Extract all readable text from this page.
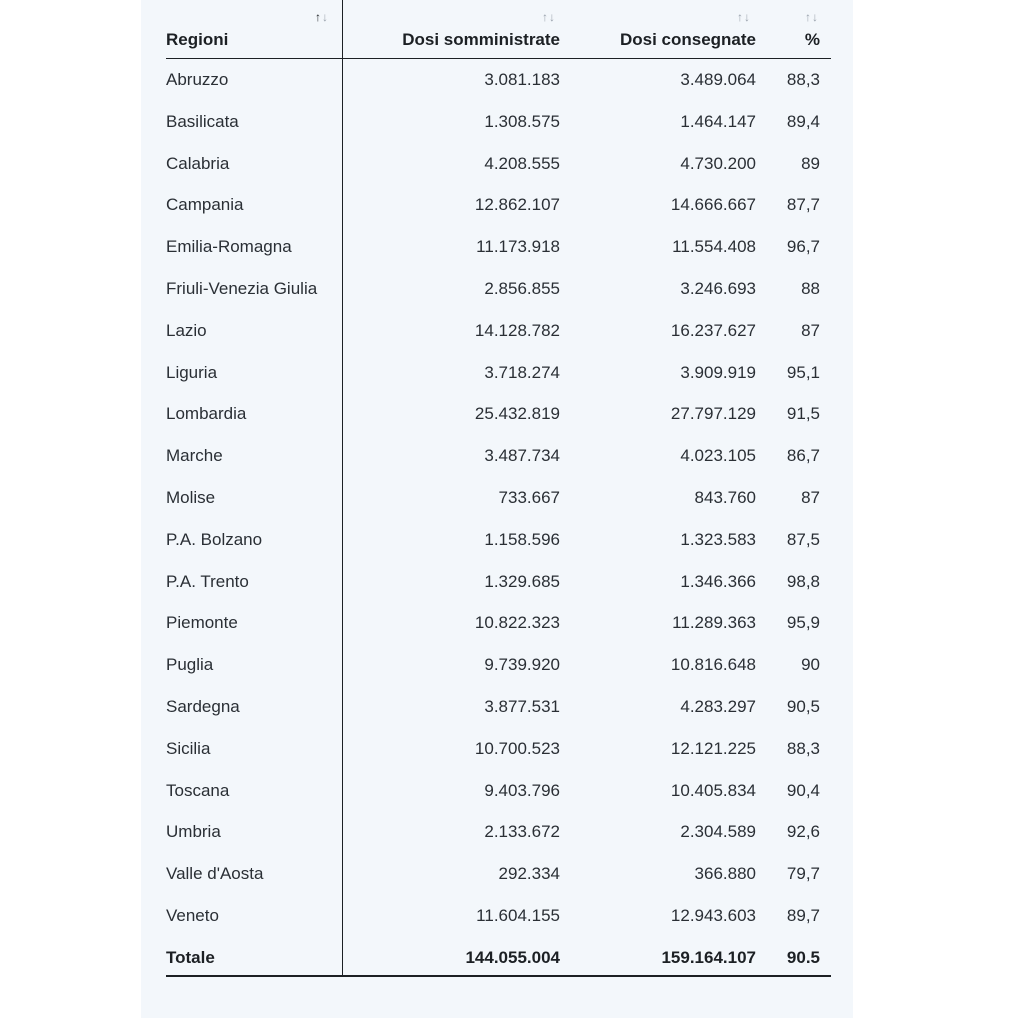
↑↓	↑↓	↑↓	↑↓
Regioni	Dosi somministrate	Dosi consegnate	%
Abruzzo	3.081.183	3.489.064 88,3
Basilicata	1.308.575	1.464.147 89,4
Calabria	4.208.555	4.730.200	89
Campania	12.862.107	14.666.667 87,7
Emilia-Romagna	11.173.918	11.554.408 96,7
Friuli-Venezia Giulia	2.856.855	3.246.693	88
Lazio	14.128.782	16.237.627	87
Liguria	3.718.274	3.909.919 95,1
Lombardia	25.432.819	27.797.129 91,5
Marche	3.487.734	4.023.105 86,7
Molise	733.667	843.760	87
P.A. Bolzano	1.158.596	1.323.583 87,5
P.A. Trento	1.329.685	1.346.366 98,8
Piemonte	10.822.323	11.289.363 95,9
Puglia	9.739.920	10.816.648	90
Sardegna	3.877.531	4.283.297 90,5
Sicilia	10.700.523	12.121.225 88,3
Toscana	9.403.796	10.405.834 90,4
Umbria	2.133.672	2.304.589 92,6
Valle d'Aosta	292.334	366.880 79,7
Veneto	11.604.155	12.943.603 89,7
Totale	144.055.004	159.164.107 90.5
